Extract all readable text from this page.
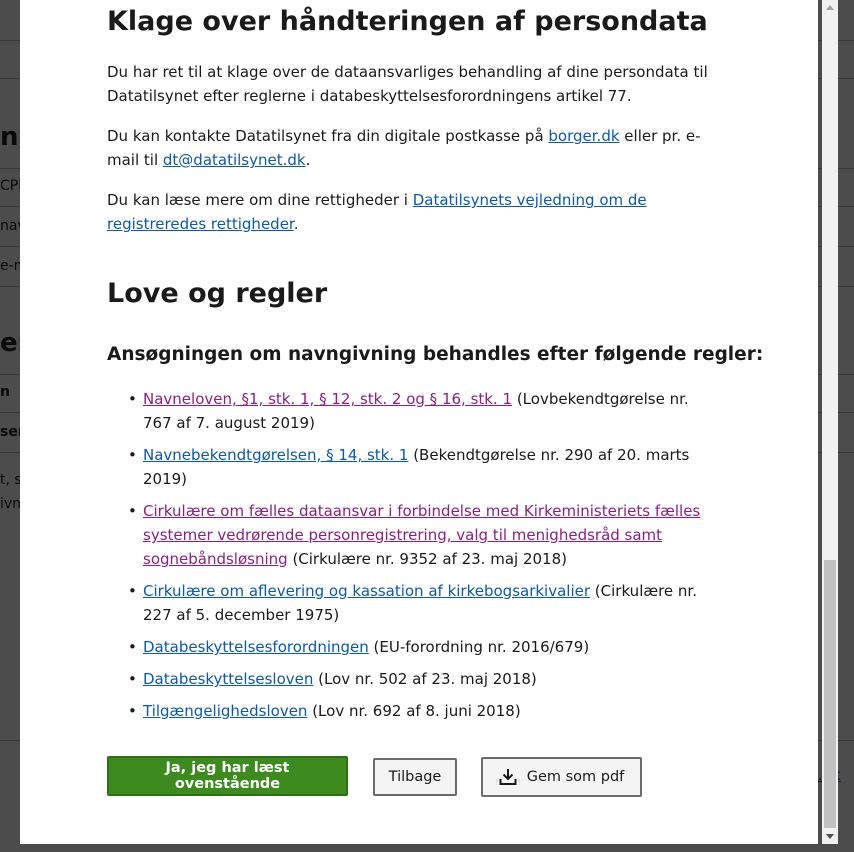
Klage over håndteringen af persondata

Du har ret til at klage over de dataansvarliges behandling af dine persondata til Datatilsynet efter reglerne i databeskyttelsesforordningens artikel 77.

Du kan kontakte Datatilsynet fra din digitale postkasse på borger.dk eller pr. e-mail til dt@datatilsynet.dk.

Du kan læse mere om dine rettigheder i Datatilsynets vejledning om de registreredes rettigheder.

Love og regler
Ansøgningen om navngivning behandles efter følgende regler:
• Navneloven, §1, stk. 1, § 12, stk. 2 og § 16, stk. 1 (Lovbekendtgørelse nr. 767 af 7. august 2019)
• Navnebekendtgørelsen, § 14, stk. 1 (Bekendtgørelse nr. 290 af 20. marts 2019)
• Cirkulære om fælles dataansvar i forbindelse med Kirkeministeriets fælles systemer vedrørende personregistrering, valg til menighedsråd samt sognebåndsløsning (Cirkulære nr. 9352 af 23. maj 2018)
• Cirkulære om aflevering og kassation af kirkebogsarkivalier (Cirkulære nr. 227 af 5. december 1975)
• Databeskyttelsesforordningen (EU-forordning nr. 2016/679)
• Databeskyttelsesloven (Lov nr. 502 af 23. maj 2018)
• Tilgængelighedsloven (Lov nr. 692 af 8. juni 2018)
Ja, jeg har læst ovenstående	Tilbage	Gem som pdf
